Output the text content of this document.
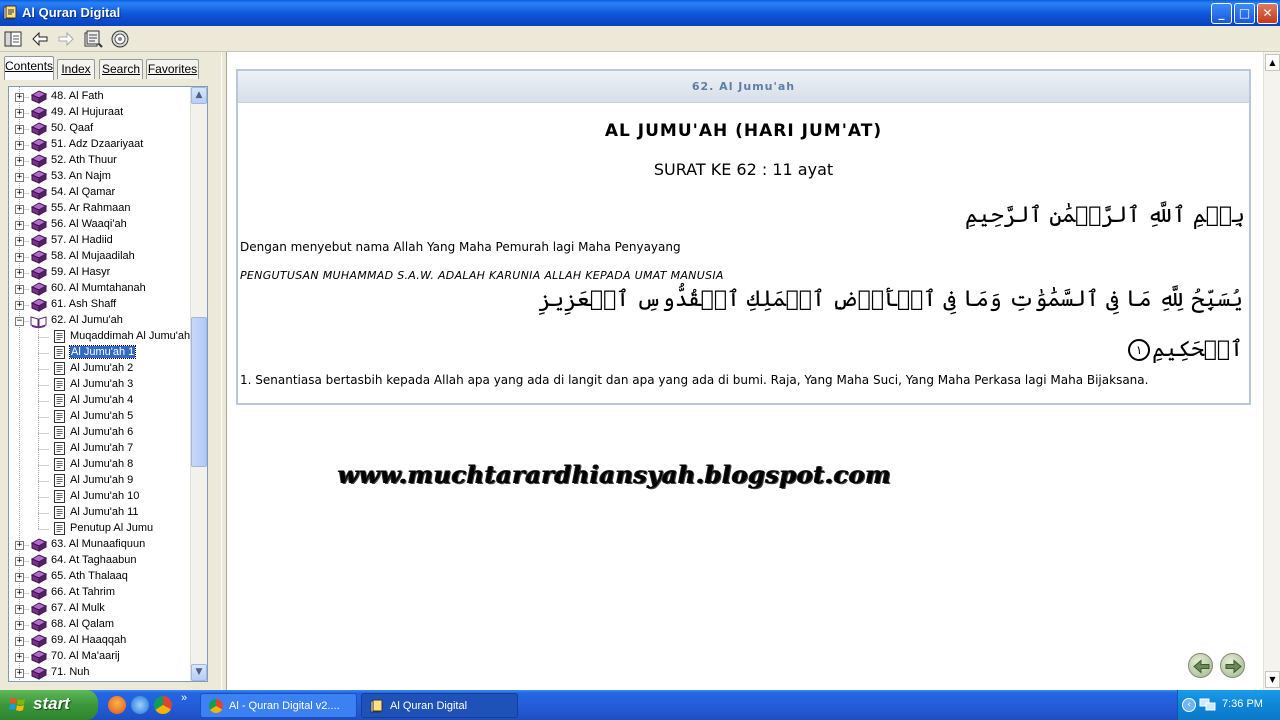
Al Quran Digital	_	□	✕
Contents Index Search Favorites
+	48. Al Fath
+	49. Al Hujuraat
+	50. Qaaf
+	51. Adz Dzaariyaat
+	52. Ath Thuur
+	53. An Najm
+	54. Al Qamar
+	55. Ar Rahmaan
+	56. Al Waaqi'ah
+	57. Al Hadiid
+	58. Al Mujaadilah
+	59. Al Hasyr
+	60. Al Mumtahanah
+	61. Ash Shaff
−	62. Al Jumu'ah
Muqaddimah Al Jumu'ah
Al Jumu'ah 1
Al Jumu'ah 2
Al Jumu'ah 3
Al Jumu'ah 4
Al Jumu'ah 5
Al Jumu'ah 6
Al Jumu'ah 7
Al Jumu'ah 8
Al Jumu'ah 9
Al Jumu'ah 10
Al Jumu'ah 11
Penutup Al Jumu
+	63. Al Munaafiquun
+	64. At Taghaabun
+	65. Ath Thalaaq
+	66. At Tahrim
+	67. Al Mulk
+	68. Al Qalam
+	69. Al Haaqqah
+	70. Al Ma'aarij
+	71. Nuh
▲
▼
62. Al Jumu'ah
AL JUMU'AH (HARI JUM'AT)
SURAT KE 62 : 11 ayat
بِسۡمِ ٱللَّهِ ٱلرَّحۡمَٰنِ ٱلرَّحِيمِ
Dengan menyebut nama Allah Yang Maha Pemurah lagi Maha Penyayang
PENGUTUSAN MUHAMMAD S.A.W. ADALAH KARUNIA ALLAH KEPADA UMAT MANUSIA
يُسَبِّحُ لِلَّهِ مَا فِى ٱلسَّمَٰوَٰتِ وَمَا فِى ٱلۡأَرۡضِ ٱلۡمَلِكِ ٱلۡقُدُّوسِ ٱلۡعَزِيزِ
ٱلۡحَكِيمِ١
1. Senantiasa bertasbih kepada Allah apa yang ada di langit dan apa yang ada di bumi. Raja, Yang Maha Suci, Yang Maha Perkasa lagi Maha Bijaksana.
www.muchtarardhiansyah.blogspot.com
▲
▼
start	»
Al - Quran Digital v2....	Al Quran Digital	‹	7:36 PM
